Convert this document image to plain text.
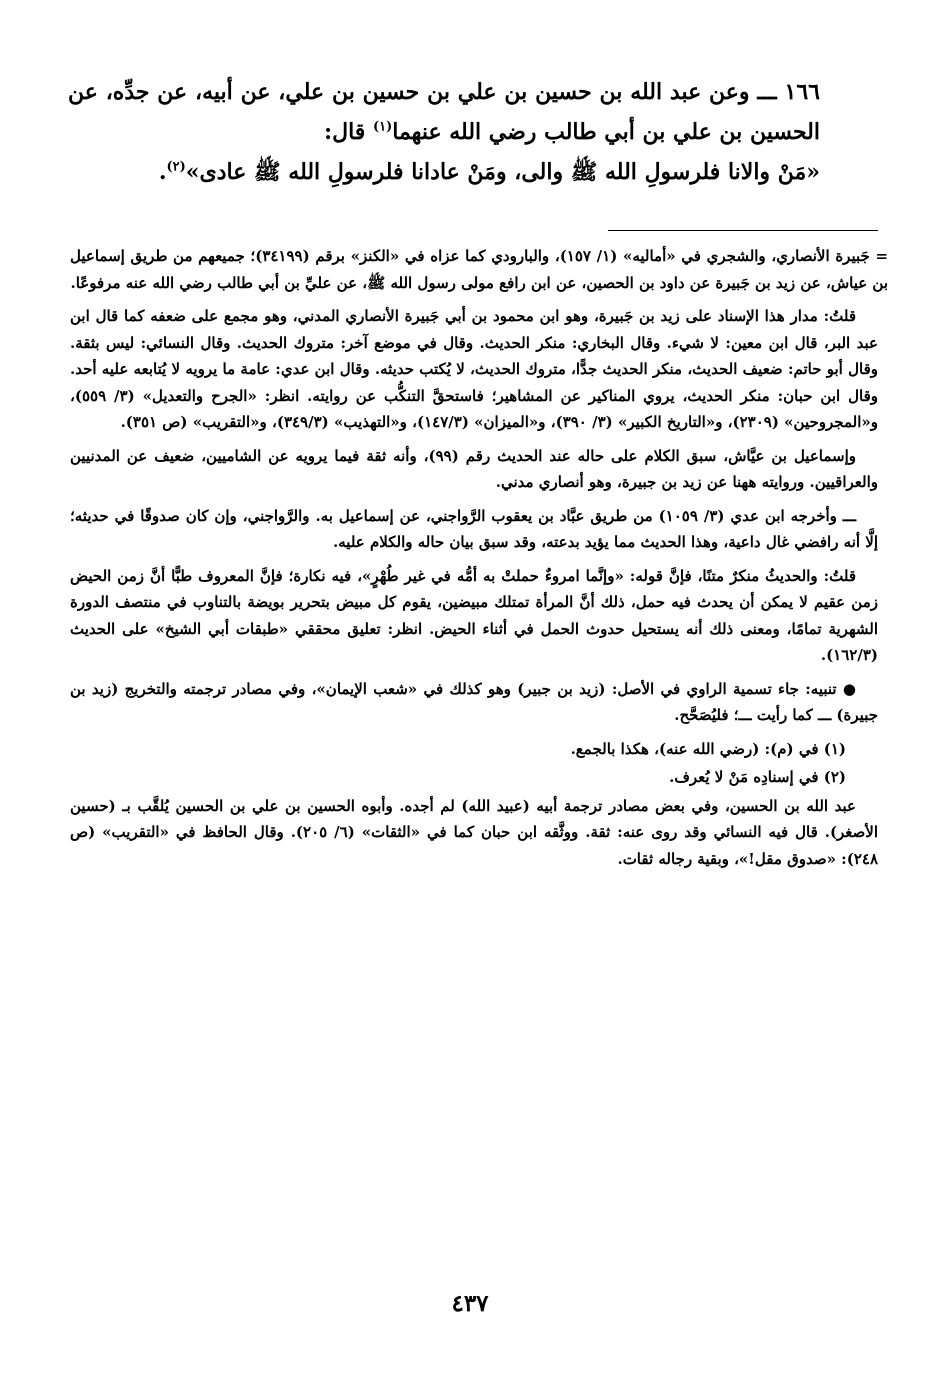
١٦٦ ـــ وعن عبد الله بن حسين بن علي بن حسين بن علي، عن أبيه، عن جدِّه، عن الحسين بن علي بن أبي طالب رضي الله عنهما$^{(١)}$ قال:

«مَنْ والانا فلرسولِ الله ﷺ والى، ومَنْ عادانا فلرسولِ الله ﷺ عادى»$^{(٢)}$.

= جَبيرة الأنصاري، والشجري في «أماليه» (١/ ١٥٧)، والبارودي كما عزاه في «الكنز» برقم (٣٤١٩٩)؛ جميعهم من طريق إسماعيل بن عياش، عن زيد بن جَبيرة عن داود بن الحصين، عن ابن رافع مولى رسول الله ﷺ، عن عليِّ بن أبي طالب رضي الله عنه مرفوعًا.

قلتُ: مدار هذا الإسناد على زيد بن جَبيرة، وهو ابن محمود بن أبي جَبيرة الأنصاري المدني، وهو مجمع على ضعفه كما قال ابن عبد البر، قال ابن معين: لا شيء. وقال البخاري: منكر الحديث. وقال في موضع آخر: متروك الحديث. وقال النسائي: ليس بثقة. وقال أبو حاتم: ضعيف الحديث، منكر الحديث جدًّا، متروك الحديث، لا يُكتب حديثه. وقال ابن عدي: عامة ما يرويه لا يُتابعه عليه أحد. وقال ابن حبان: منكر الحديث، يروي المناكير عن المشاهير؛ فاستحقَّ التنكُّب عن روايته. انظر: «الجرح والتعديل» (٣/ ٥٥٩)، و«المجروحين» (٢٣٠٩)، و«التاريخ الكبير» (٣/ ٣٩٠)، و«الميزان» (١٤٧/٣)، و«التهذيب» (٣٤٩/٣)، و«التقريب» (ص ٣٥١).

وإسماعيل بن عيَّاش، سبق الكلام على حاله عند الحديث رقم (٩٩)، وأنه ثقة فيما يرويه عن الشاميين، ضعيف عن المدنيين والعراقيين. وروايته ههنا عن زيد بن جبيرة، وهو أنصاري مدني.

ـــ وأخرجه ابن عدي (٣/ ١٠٥٩) من طريق عبَّاد بن يعقوب الرَّواجني، عن إسماعيل به. والرَّواجني، وإن كان صدوقًا في حديثه؛ إلَّا أنه رافضي غال داعية، وهذا الحديث مما يؤيد بدعته، وقد سبق بيان حاله والكلام عليه.

قلتُ: والحديثُ منكرٌ متنًا، فإنَّ قوله: «وإنَّما امروءٌ حملتْ به أمُّه في غير طُهْرٍ»، فيه نكارة؛ فإنَّ المعروف طبًّا أنَّ زمن الحيض زمن عقيم لا يمكن أن يحدث فيه حمل، ذلك أنَّ المرأة تمتلك مبيضين، يقوم كل مبيض بتحرير بويضة بالتناوب في منتصف الدورة الشهرية تمامًا، ومعنى ذلك أنه يستحيل حدوث الحمل في أثناء الحيض. انظر: تعليق محققي «طبقات أبي الشيخ» على الحديث (١٦٢/٣).

● تنبيه: جاء تسمية الراوي في الأصل: (زيد بن جبير) وهو كذلك في «شعب الإيمان»، وفي مصادر ترجمته والتخريج (زيد بن جبيرة) ـــ كما رأيت ـــ؛ فليُصَحَّح.

(١) في (م): (رضي الله عنه)، هكذا بالجمع.

(٢) في إسنادِه مَنْ لا يُعرف.

عبد الله بن الحسين، وفي بعض مصادر ترجمة أبيه (عبيد الله) لم أجده. وأبوه الحسين بن علي بن الحسين يُلقَّب بـ (حسين الأصغر). قال فيه النسائي وقد روى عنه: ثقة. ووثَّقه ابن حبان كما في «الثقات» (٦/ ٢٠٥). وقال الحافظ في «التقريب» (ص ٢٤٨): «صدوق مقل!»، وبقية رجاله ثقات.

٤٣٧
